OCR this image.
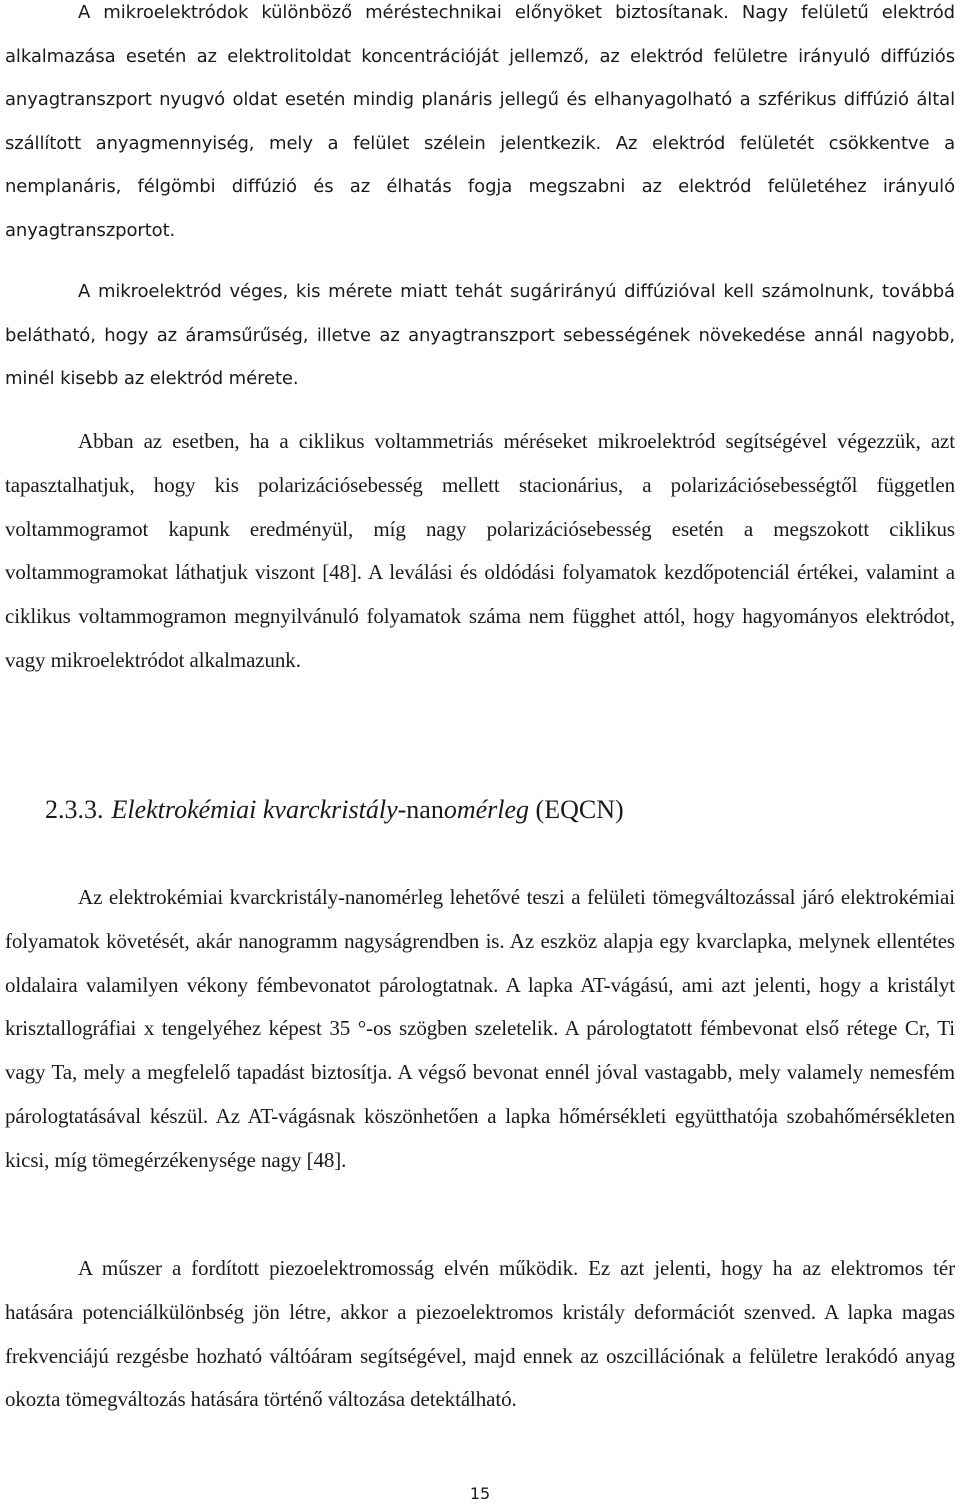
A mikroelektródok különböző méréstechnikai előnyöket biztosítanak. Nagy felületű elektród alkalmazása esetén az elektrolitoldat koncentrációját jellemző, az elektród felületre irányuló diffúziós anyagtranszport nyugvó oldat esetén mindig planáris jellegű és elhanyagolható a szférikus diffúzió által szállított anyagmennyiség, mely a felület szélein jelentkezik. Az elektród felületét csökkentve a nemplanáris, félgömbi diffúzió és az élhatás fogja megszabni az elektród felületéhez irányuló anyagtranszportot.

A mikroelektród véges, kis mérete miatt tehát sugárirányú diffúzióval kell számolnunk, továbbá belátható, hogy az áramsűrűség, illetve az anyagtranszport sebességének növekedése annál nagyobb, minél kisebb az elektród mérete.

Abban az esetben, ha a ciklikus voltammetriás méréseket mikroelektród segítségével végezzük, azt tapasztalhatjuk, hogy kis polarizációsebesség mellett stacionárius, a polarizációsebességtől független voltammogramot kapunk eredményül, míg nagy polarizációsebesség esetén a megszokott ciklikus voltammogramokat láthatjuk viszont [48]. A leválási és oldódási folyamatok kezdőpotenciál értékei, valamint a ciklikus voltammogramon megnyilvánuló folyamatok száma nem függhet attól, hogy hagyományos elektródot, vagy mikroelektródot alkalmazunk.

Az elektrokémiai kvarckristály-nanomérleg lehetővé teszi a felületi tömegváltozással járó elektrokémiai folyamatok követését, akár nanogramm nagyságrendben is. Az eszköz alapja egy kvarclapka, melynek ellentétes oldalaira valamilyen vékony fémbevonatot párologtatnak. A lapka AT-vágású, ami azt jelenti, hogy a kristályt krisztallográfiai x tengelyéhez képest 35 °-os szögben szeletelik. A párologtatott fémbevonat első rétege Cr, Ti vagy Ta, mely a megfelelő tapadást biztosítja. A végső bevonat ennél jóval vastagabb, mely valamely nemesfém párologtatásával készül. Az AT-vágásnak köszönhetően a lapka hőmérsékleti együtthatója szobahőmérsékleten kicsi, míg tömegérzékenysége nagy [48].

A műszer a fordított piezoelektromosság elvén működik. Ez azt jelenti, hogy ha az elektromos tér hatására potenciálkülönbség jön létre, akkor a piezoelektromos kristály deformációt szenved. A lapka magas frekvenciájú rezgésbe hozható váltóáram segítségével, majd ennek az oszcillációnak a felületre lerakódó anyag okozta tömegváltozás hatására történő változása detektálható.

2.3.3. Elektrokémiai kvarckristály-nanomérleg (EQCN)
15
